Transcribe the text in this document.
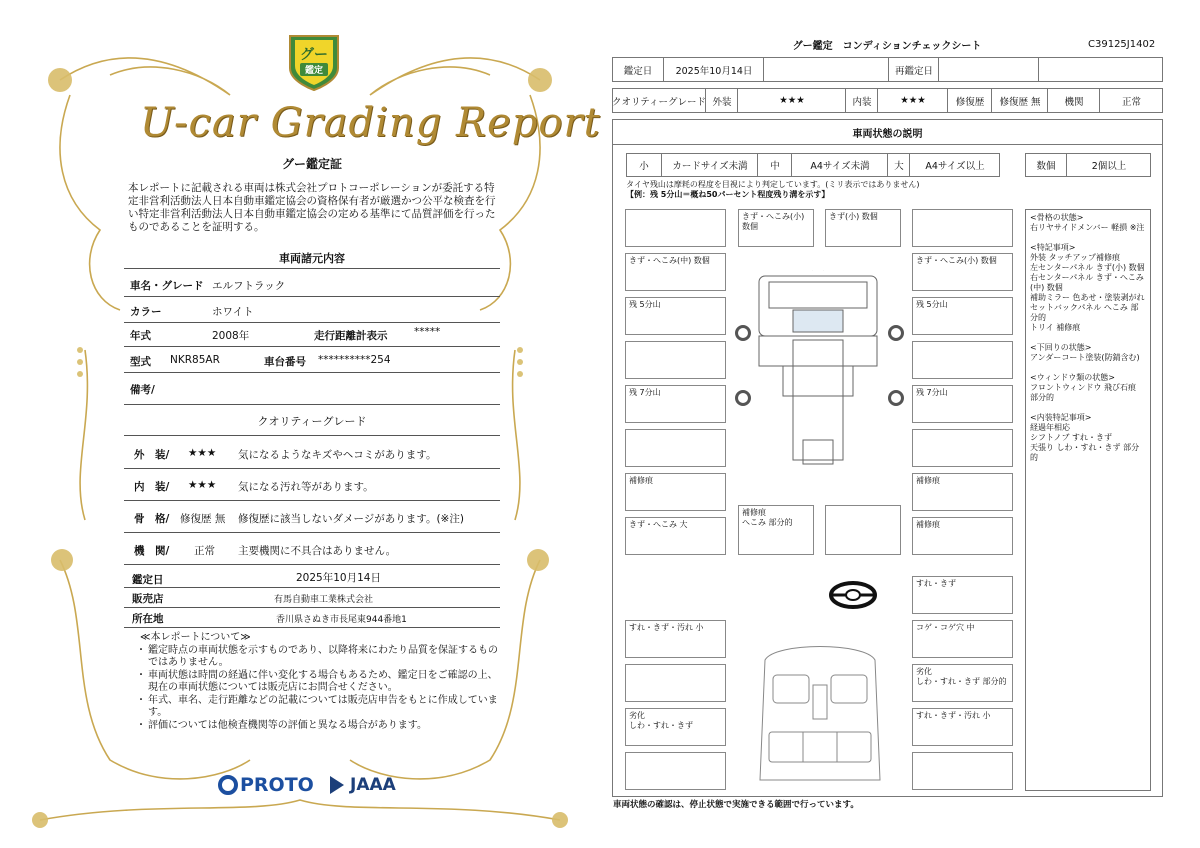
グー
鑑定
U-car Grading Report
グー鑑定証
本レポートに記載される車両は株式会社プロトコーポレーションが委託する特定非営利活動法人日本自動車鑑定協会の資格保有者が厳選かつ公平な検査を行い特定非営利活動法人日本自動車鑑定協会の定める基準にて品質評価を行ったものであることを証明する。
車両諸元内容
車名・グレード エルフトラック
カラー	ホワイト
年式	2008年	走行距離計表示	*****
型式 NKR85AR	車台番号 **********254
備考/
クオリティーグレード
外　装/ ★★★ 気になるようなキズやヘコミがあります。
内　装/ ★★★ 気になる汚れ等があります。
骨　格/ 修復歴 無 修復歴に該当しないダメージがあります。(※注)
機　関/ 正常 主要機関に不具合はありません。
鑑定日	2025年10月14日
販売店	有馬自動車工業株式会社
所在地	香川県さぬき市長尾東944番地1
≪本レポートについて≫
・ 鑑定時点の車両状態を示すものであり、以降将来にわたり品質を保証するものではありません。
・ 車両状態は時間の経過に伴い変化する場合もあるため、鑑定日をご確認の上、現在の車両状態については販売店にお問合せください。
・ 年式、車名、走行距離などの記載については販売店申告をもとに作成しています。
・ 評価については他検査機関等の評価と異なる場合があります。
PROTO JAAA
グー鑑定　コンディションチェックシート	C39125J1402
鑑定日	2025年10月14日	再鑑定日
クオリティーグレード 外装	★★★	内装	★★★	修復歴	修復歴 無	機関	正常
車両状態の説明
小	カードサイズ未満	中	A4サイズ未満	大	A4サイズ以上	数個	2個以上
タイヤ残山は摩耗の程度を目視により判定しています。(ミリ表示ではありません)
【例：残 5分山＝概ね50パーセント程度残り溝を示す】
きず・へこみ(小) 数個
きず(小) 数個
きず・へこみ(中) 数個	きず・へこみ(小) 数個
残 5分山	残 5分山
残 7分山	残 7分山
補修痕	補修痕
きず・へこみ 大
補修痕
へこみ 部分的	補修痕
すれ・きず
すれ・きず・汚れ 小	コゲ・コゲ穴 中
劣化
しわ・すれ・きず 部分的
劣化
しわ・すれ・きず
すれ・きず・汚れ 小
<骨格の状態>
右リヤサイドメンバー 軽損 ※注
<特記事項>
外装 タッチアップ補修痕
左センターパネル きず(小) 数個
右センターパネル きず・へこみ(中) 数個
補助ミラー 色あせ・塗装剥がれ
セットバックパネル へこみ 部分的
トリイ 補修痕
<下回りの状態>
アンダーコート塗装(防錆含む)
<ウィンドウ類の状態>
フロントウィンドウ 飛び石痕 部分的
<内装特記事項>
経過年相応
シフトノブ すれ・きず
天張り しわ・すれ・きず 部分的
車両状態の確認は、停止状態で実施できる範囲で行っています。
